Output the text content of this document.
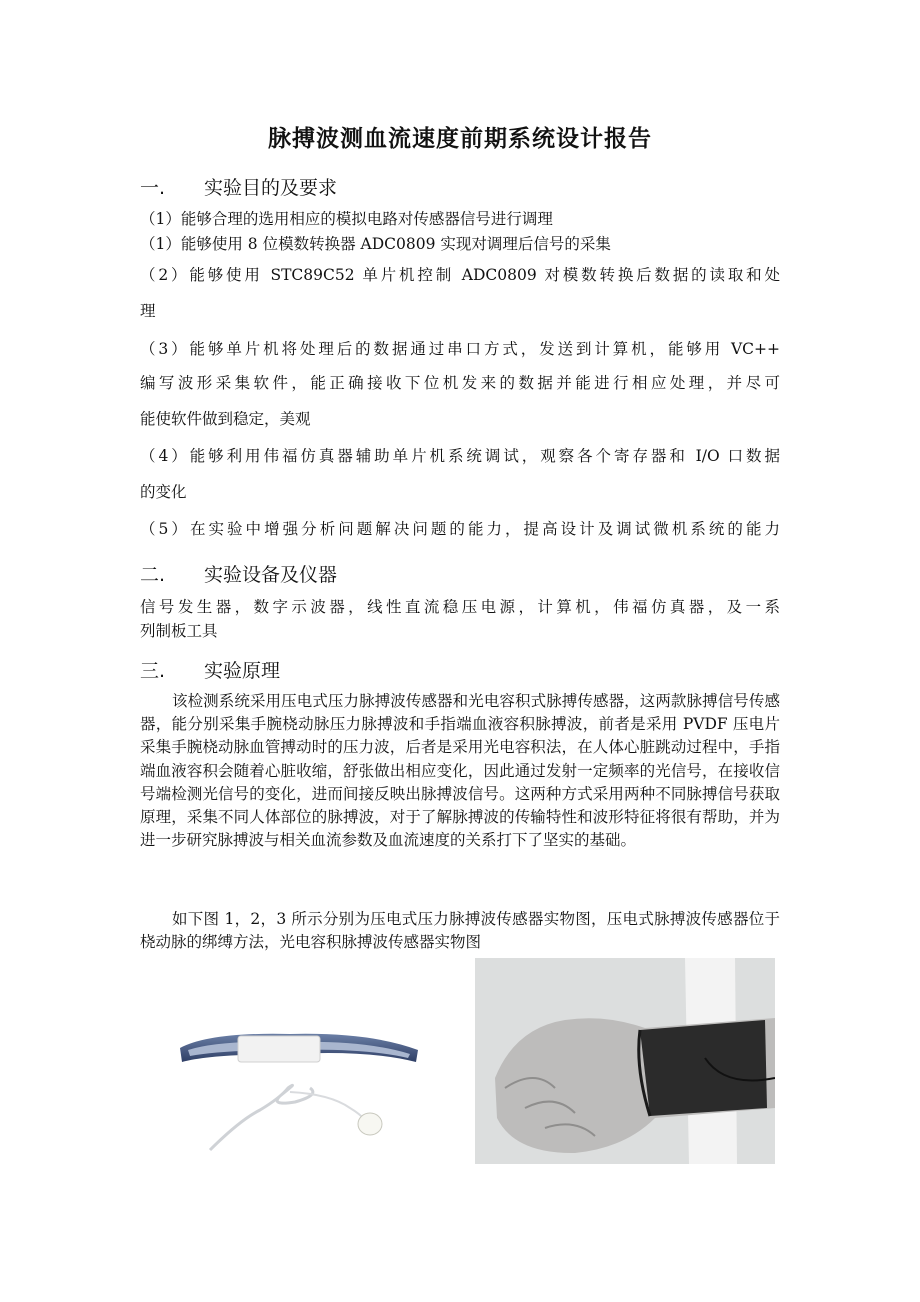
脉搏波测血流速度前期系统设计报告
一. 实验目的及要求
（1）能够合理的选用相应的模拟电路对传感器信号进行调理
（1）能够使用 8 位模数转换器 ADC0809 实现对调理后信号的采集
（2）能够使用 STC89C52 单片机控制 ADC0809 对模数转换后数据的读取和处
理
（3）能够单片机将处理后的数据通过串口方式，发送到计算机，能够用 VC++
编写波形采集软件，能正确接收下位机发来的数据并能进行相应处理，并尽可
能使软件做到稳定，美观
（4）能够利用伟福仿真器辅助单片机系统调试，观察各个寄存器和 I/O 口数据
的变化
（5）在实验中增强分析问题解决问题的能力，提高设计及调试微机系统的能力
二. 实验设备及仪器
信号发生器，数字示波器，线性直流稳压电源，计算机，伟福仿真器，及一系
列制板工具
三. 实验原理
该检测系统采用压电式压力脉搏波传感器和光电容积式脉搏传感器，这两款脉搏信号传感器，能分别采集手腕桡动脉压力脉搏波和手指端血液容积脉搏波，前者是采用 PVDF 压电片采集手腕桡动脉血管搏动时的压力波，后者是采用光电容积法，在人体心脏跳动过程中，手指端血液容积会随着心脏收缩，舒张做出相应变化，因此通过发射一定频率的光信号，在接收信号端检测光信号的变化，进而间接反映出脉搏波信号。这两种方式采用两种不同脉搏信号获取原理，采集不同人体部位的脉搏波，对于了解脉搏波的传输特性和波形特征将很有帮助，并为进一步研究脉搏波与相关血流参数及血流速度的关系打下了坚实的基础。
如下图 1，2，3 所示分别为压电式压力脉搏波传感器实物图，压电式脉搏波传感器位于桡动脉的绑缚方法，光电容积脉搏波传感器实物图
